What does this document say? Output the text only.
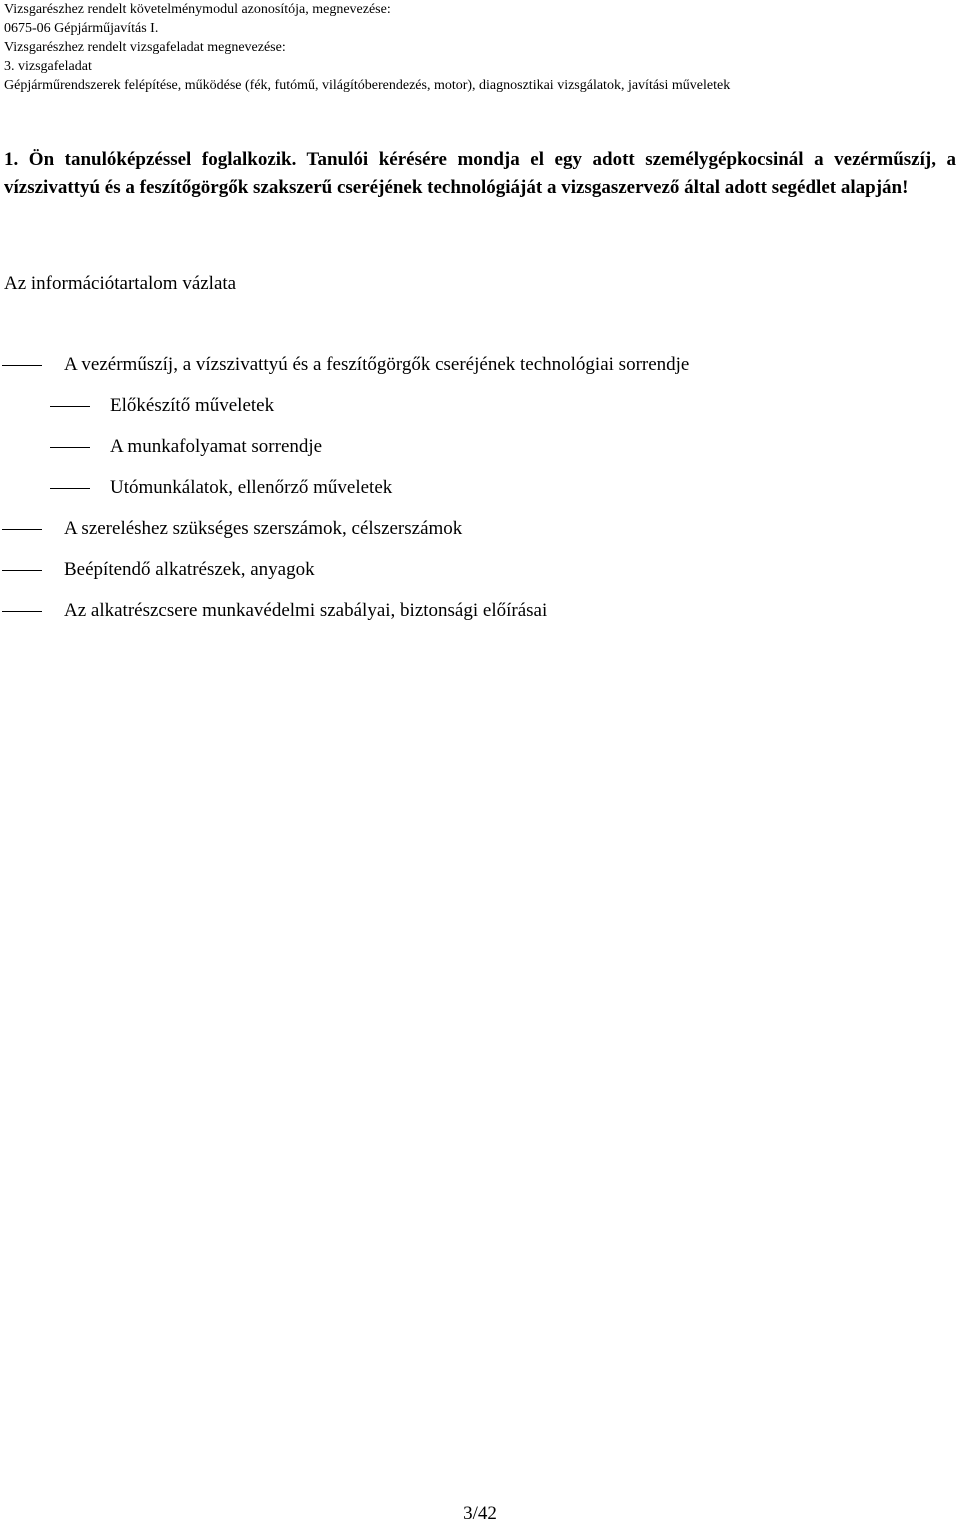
Vizsgarészhez rendelt követelménymodul azonosítója, megnevezése:
0675-06 Gépjárműjavítás I.
Vizsgarészhez rendelt vizsgafeladat megnevezése:
3. vizsgafeladat
Gépjárműrendszerek felépítése, működése (fék, futómű, világítóberendezés, motor), diagnosztikai vizsgálatok, javítási műveletek
1. Ön tanulóképzéssel foglalkozik. Tanulói kérésére mondja el egy adott személygépkocsinál a vezérműszíj, a vízszivattyú és a feszítőgörgők szakszerű cseréjének technológiáját a vizsgaszervező által adott segédlet alapján!
Az információtartalom vázlata
A vezérműszíj, a vízszivattyú és a feszítőgörgők cseréjének technológiai sorrendje
Előkészítő műveletek
A munkafolyamat sorrendje
Utómunkálatok, ellenőrző műveletek
A szereléshez szükséges szerszámok, célszerszámok
Beépítendő alkatrészek, anyagok
Az alkatrészcsere munkavédelmi szabályai, biztonsági előírásai
3/42
